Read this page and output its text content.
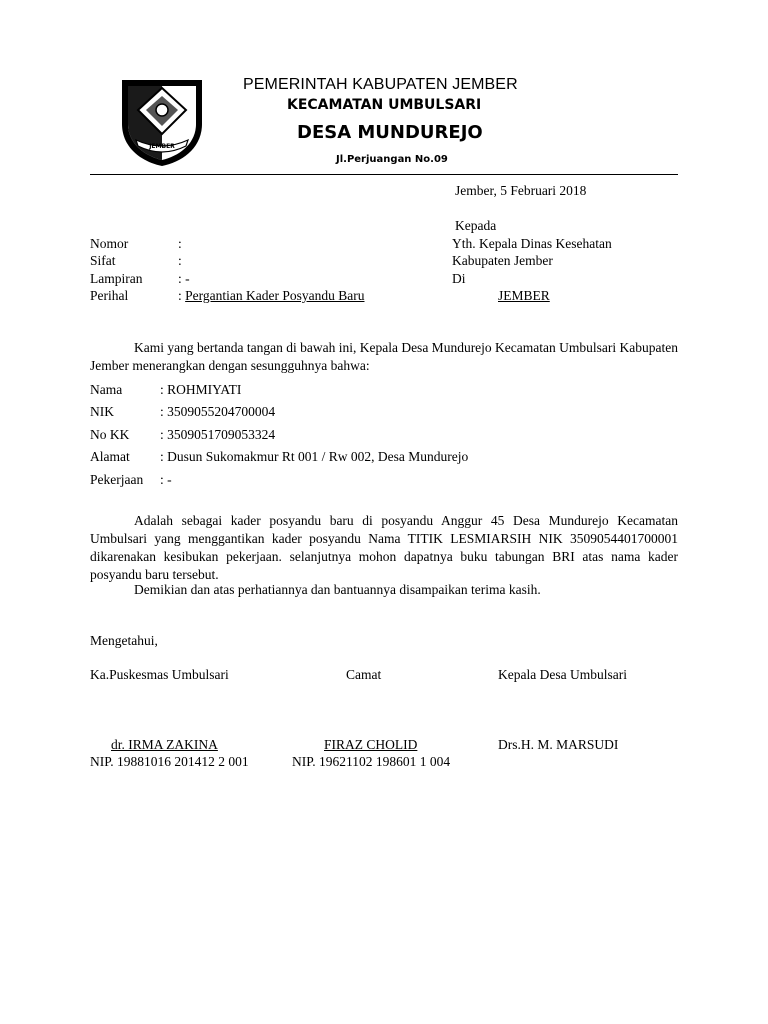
JEMBER
PEMERINTAH KABUPATEN JEMBER
KECAMATAN UMBULSARI
DESA MUNDUREJO
Jl.Perjuangan No.09
Jember, 5 Februari 2018
Kepada
Yth. Kepala Dinas Kesehatan
Kabupaten Jember
Di
JEMBER
Nomor	:
Sifat	:
Lampiran	: -
Perihal	: Pergantian Kader Posyandu Baru
Kami yang bertanda tangan di bawah ini, Kepala Desa Mundurejo Kecamatan Umbulsari Kabupaten Jember menerangkan dengan sesungguhnya bahwa:
Nama	: ROHMIYATI
NIK	: 3509055204700004
No KK : 3509051709053324
Alamat : Dusun Sukomakmur Rt 001 / Rw 002, Desa Mundurejo
Pekerjaan : -
Adalah sebagai kader posyandu baru di posyandu Anggur 45 Desa Mundurejo Kecamatan Umbulsari yang menggantikan kader posyandu Nama TITIK LESMIARSIH NIK 3509054401700001 dikarenakan kesibukan pekerjaan. selanjutnya mohon dapatnya buku tabungan BRI atas nama kader posyandu baru tersebut.
Demikian dan atas perhatiannya dan bantuannya disampaikan terima kasih.
Mengetahui,
Ka.Puskesmas Umbulsari	Camat	Kepala Desa Umbulsari
dr. IRMA ZAKINA	FIRAZ CHOLID	Drs.H. M. MARSUDI
NIP. 19881016 201412 2 001	NIP. 19621102 198601 1 004
